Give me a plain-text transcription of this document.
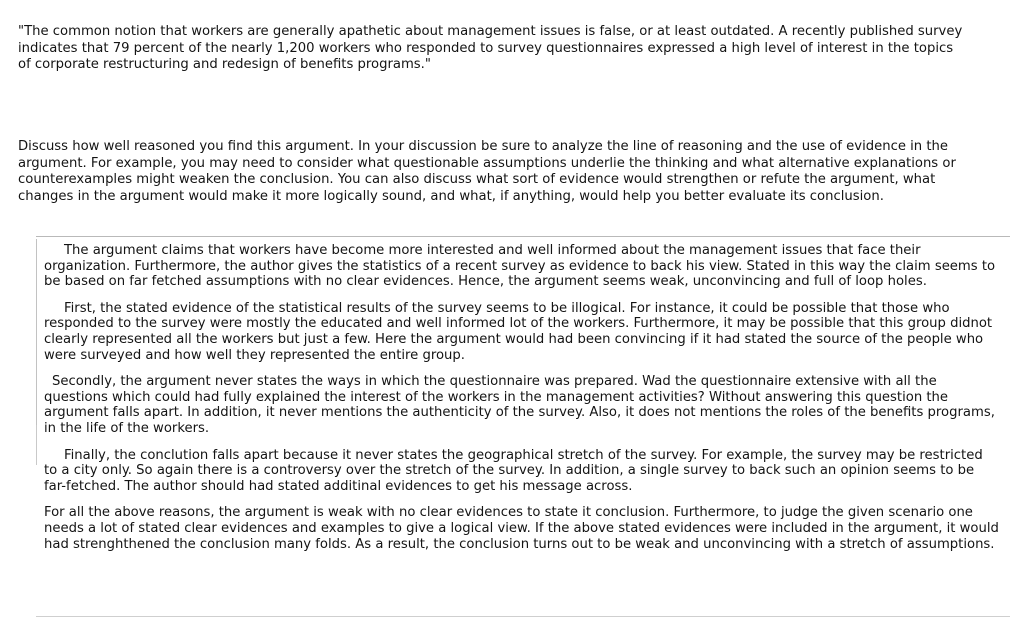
"The common notion that workers are generally apathetic about management issues is false, or at least outdated. A recently published survey indicates that 79 percent of the nearly 1,200 workers who responded to survey questionnaires expressed a high level of interest in the topics of corporate restructuring and redesign of benefits programs."
Discuss how well reasoned you find this argument. In your discussion be sure to analyze the line of reasoning and the use of evidence in the argument. For example, you may need to consider what questionable assumptions underlie the thinking and what alternative explanations or counterexamples might weaken the conclusion. You can also discuss what sort of evidence would strengthen or refute the argument, what changes in the argument would make it more logically sound, and what, if anything, would help you better evaluate its conclusion.

The argument claims that workers have become more interested and well informed about the management issues that face their organization. Furthermore, the author gives the statistics of a recent survey as evidence to back his view. Stated in this way the claim seems to be based on far fetched assumptions with no clear evidences. Hence, the argument seems weak, unconvincing and full of loop holes.

First, the stated evidence of the statistical results of the survey seems to be illogical. For instance, it could be possible that those who responded to the survey were mostly the educated and well informed lot of the workers. Furthermore, it may be possible that this group didnot clearly represented all the workers but just a few. Here the argument would had been convincing if it had stated the source of the people who were surveyed and how well they represented the entire group.

Secondly, the argument never states the ways in which the questionnaire was prepared. Wad the questionnaire extensive with all the questions which could had fully explained the interest of the workers in the management activities? Without answering this question the argument falls apart. In addition, it never mentions the authenticity of the survey. Also, it does not mentions the roles of the benefits programs, in the life of the workers.

Finally, the conclution falls apart because it never states the geographical stretch of the survey. For example, the survey may be restricted to a city only. So again there is a controversy over the stretch of the survey. In addition, a single survey to back such an opinion seems to be far-fetched. The author should had stated additinal evidences to get his message across.

For all the above reasons, the argument is weak with no clear evidences to state it conclusion. Furthermore, to judge the given scenario one needs a lot of stated clear evidences and examples to give a logical view. If the above stated evidences were included in the argument, it would had strenghthened the conclusion many folds. As a result, the conclusion turns out to be weak and unconvincing with a stretch of assumptions.
